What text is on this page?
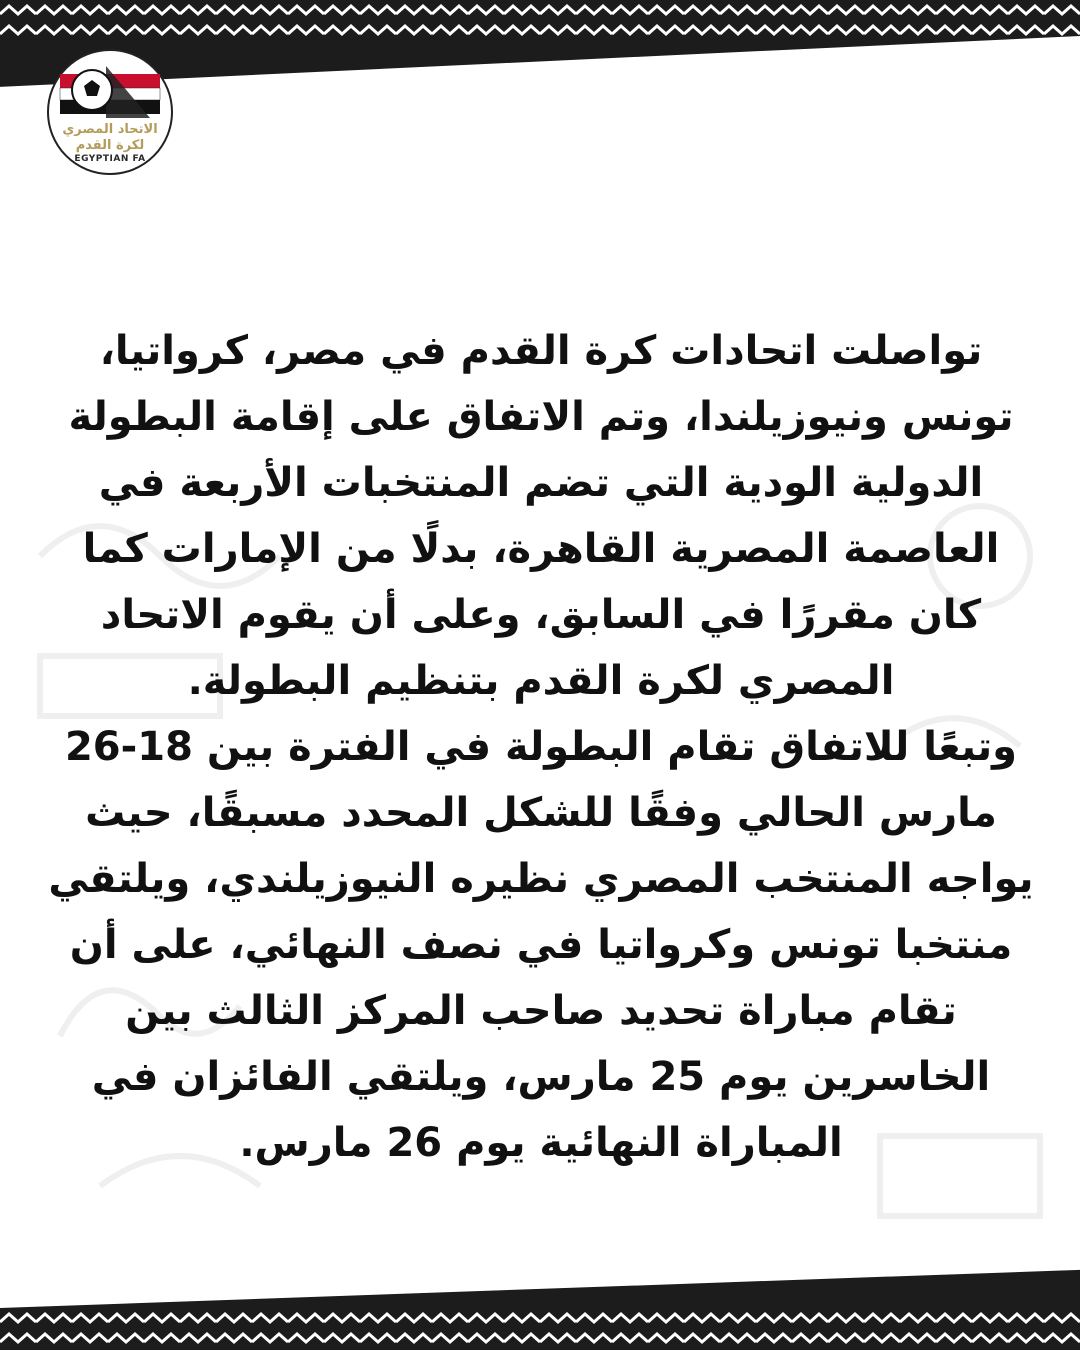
الاتحاد المصري
لكرة القدم
EGYPTIAN FA
تواصلت اتحادات كرة القدم في مصر، كرواتيا،
تونس ونيوزيلندا، وتم الاتفاق على إقامة البطولة
الدولية الودية التي تضم المنتخبات الأربعة في
العاصمة المصرية القاهرة، بدلًا من الإمارات كما
كان مقررًا في السابق، وعلى أن يقوم الاتحاد
المصري لكرة القدم بتنظيم البطولة.
وتبعًا للاتفاق تقام البطولة في الفترة بين 18-26
مارس الحالي وفقًا للشكل المحدد مسبقًا، حيث
يواجه المنتخب المصري نظيره النيوزيلندي، ويلتقي
منتخبا تونس وكرواتيا في نصف النهائي، على أن
تقام مباراة تحديد صاحب المركز الثالث بين
الخاسرين يوم 25 مارس، ويلتقي الفائزان في
المباراة النهائية يوم 26 مارس.
